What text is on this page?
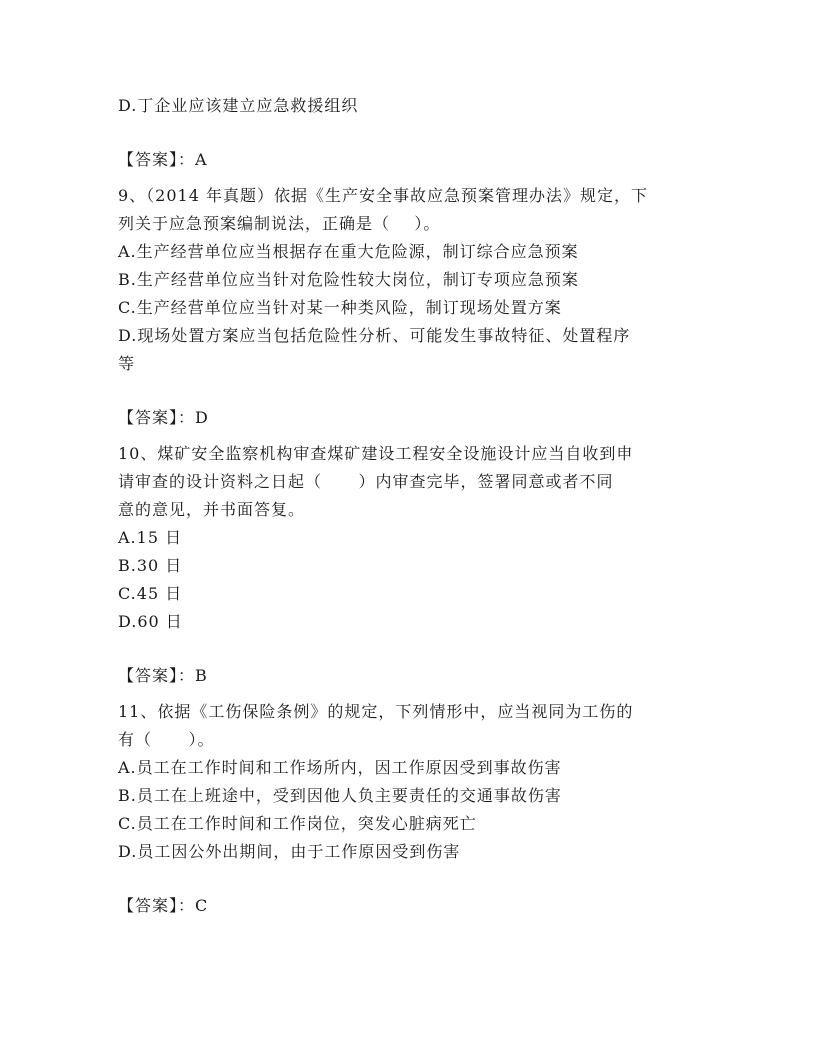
D.丁企业应该建立应急救援组织
【答案】：A
9、（2014 年真题）依据《生产安全事故应急预案管理办法》规定，下
列关于应急预案编制说法，正确是（    ）。
A.生产经营单位应当根据存在重大危险源，制订综合应急预案
B.生产经营单位应当针对危险性较大岗位，制订专项应急预案
C.生产经营单位应当针对某一种类风险，制订现场处置方案
D.现场处置方案应当包括危险性分析、可能发生事故特征、处置程序
等
【答案】：D
10、煤矿安全监察机构审查煤矿建设工程安全设施设计应当自收到申
请审查的设计资料之日起（      ）内审查完毕，签署同意或者不同
意的意见，并书面答复。
A.15 日
B.30 日
C.45 日
D.60 日
【答案】：B
11、依据《工伤保险条例》的规定，下列情形中，应当视同为工伤的
有（      ）。
A.员工在工作时间和工作场所内，因工作原因受到事故伤害
B.员工在上班途中，受到因他人负主要责任的交通事故伤害
C.员工在工作时间和工作岗位，突发心脏病死亡
D.员工因公外出期间，由于工作原因受到伤害
【答案】：C
